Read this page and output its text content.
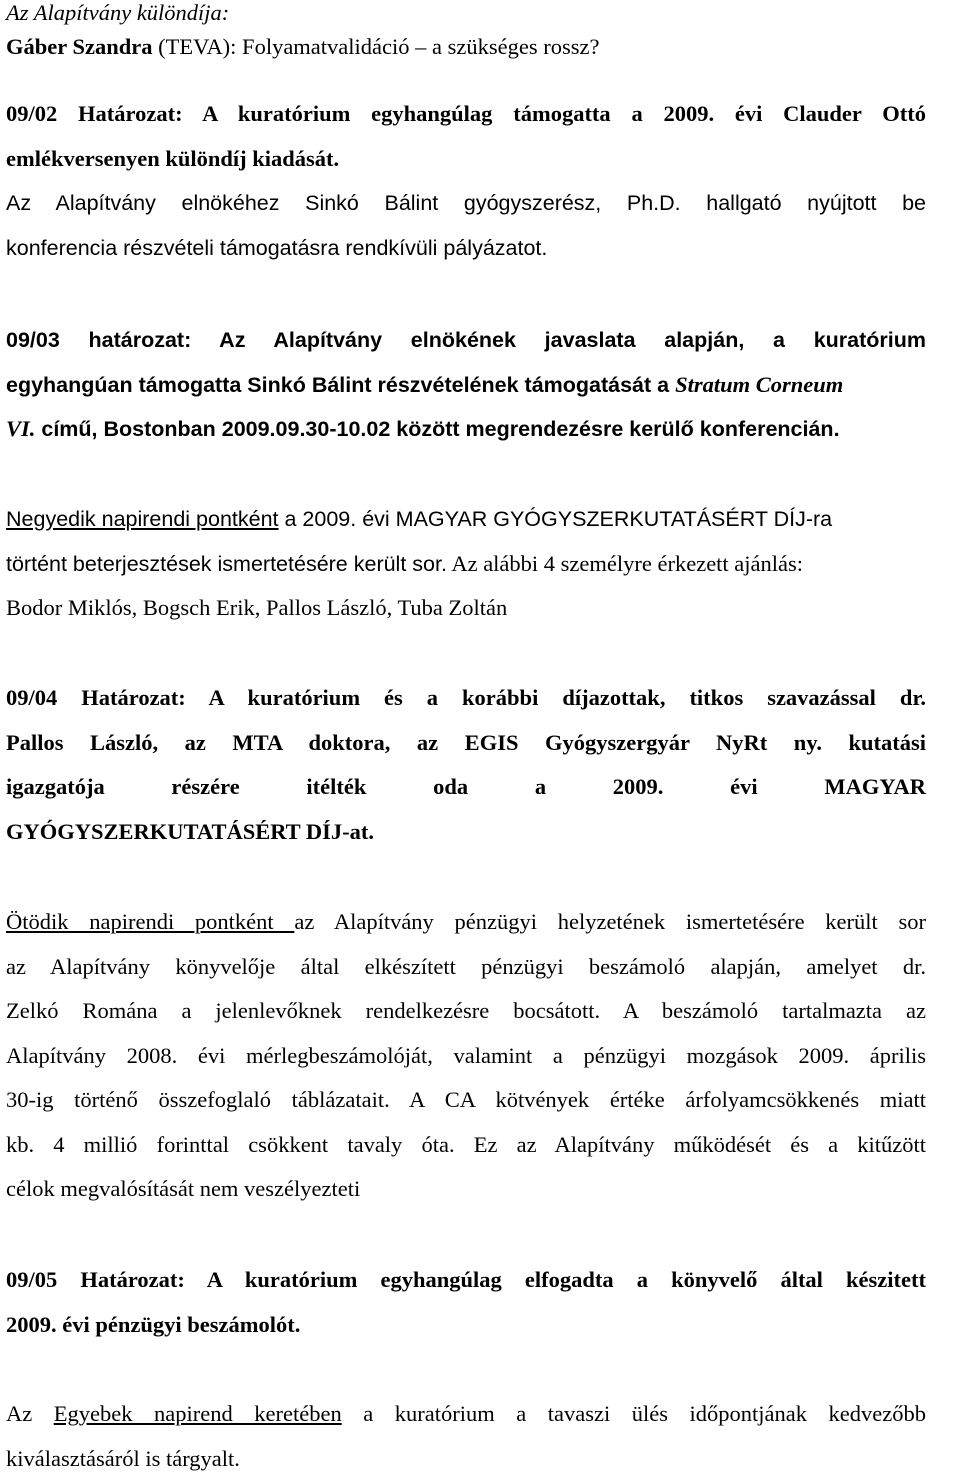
Az Alapítvány különdíja:

Gáber Szandra (TEVA): Folyamatvalidáció – a szükséges rossz?

09/02 Határozat: A kuratórium egyhangúlag támogatta a 2009. évi Clauder Ottó
emlékversenyen különdíj kiadását.
Az Alapítvány elnökéhez Sinkó Bálint gyógyszerész, Ph.D. hallgató nyújtott be
konferencia részvételi támogatásra rendkívüli pályázatot.
09/03 határozat: Az Alapítvány elnökének javaslata alapján, a kuratórium
egyhangúan támogatta Sinkó Bálint részvételének támogatását a Stratum Corneum
VI. című, Bostonban 2009.09.30-10.02 között megrendezésre kerülő konferencián.
Negyedik napirendi pontként a 2009. évi MAGYAR GYÓGYSZERKUTATÁSÉRT DÍJ-ra
történt beterjesztések ismertetésére került sor. Az alábbi 4 személyre érkezett ajánlás:
Bodor Miklós, Bogsch Erik, Pallos László, Tuba Zoltán
09/04 Határozat: A kuratórium és a korábbi díjazottak, titkos szavazással dr.
Pallos László, az MTA doktora, az EGIS Gyógyszergyár NyRt ny. kutatási
igazgatója részére itélték oda a 2009. évi MAGYAR
GYÓGYSZERKUTATÁSÉRT DÍJ-at.
Ötödik napirendi pontként az Alapítvány pénzügyi helyzetének ismertetésére került sor
az Alapítvány könyvelője által elkészített pénzügyi beszámoló alapján, amelyet dr.
Zelkó Romána a jelenlevőknek rendelkezésre bocsátott. A beszámoló tartalmazta az
Alapítvány 2008. évi mérlegbeszámolóját, valamint a pénzügyi mozgások 2009. április
30-ig történő összefoglaló táblázatait. A CA kötvények értéke árfolyamcsökkenés miatt
kb. 4 millió forinttal csökkent tavaly óta. Ez az Alapítvány működését és a kitűzött
célok megvalósítását nem veszélyezteti
09/05 Határozat: A kuratórium egyhangúlag elfogadta a könyvelő által készitett
2009. évi pénzügyi beszámolót.
Az Egyebek napirend keretében a kuratórium a tavaszi ülés időpontjának kedvezőbb
kiválasztásáról is tárgyalt.
